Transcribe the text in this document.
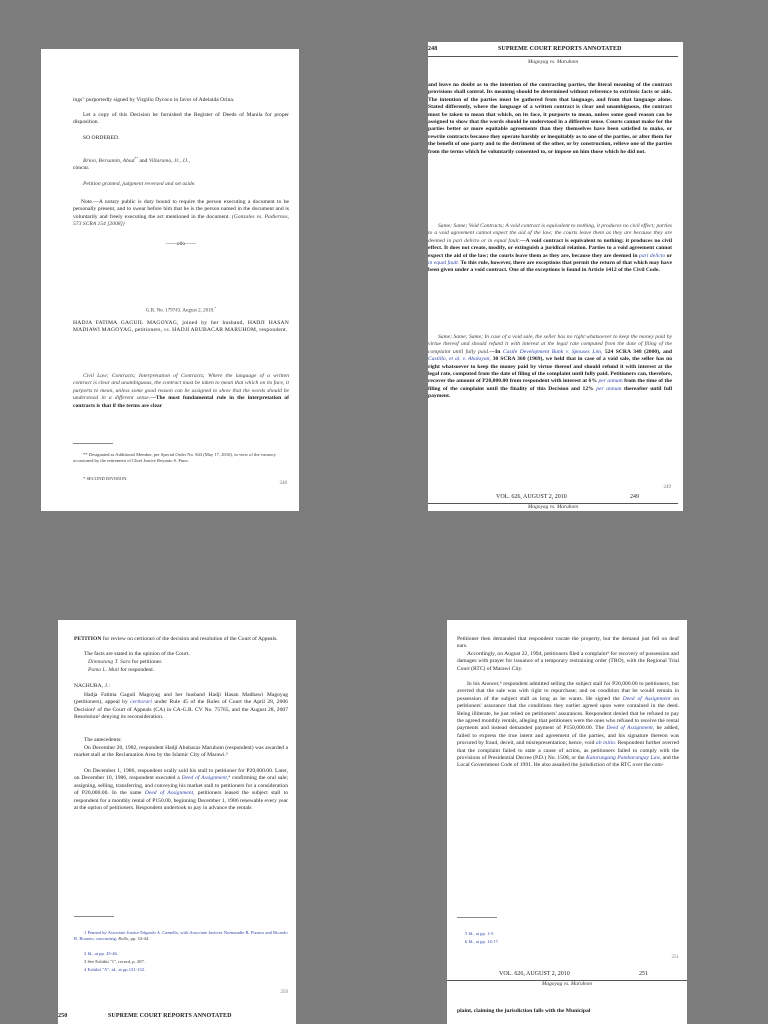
ings" purportedly signed by Virgilio Dycoco in favor of Adelaida Orina.

Let a copy of this Decision be furnished the Register of Deeds of Manila for proper disposition.

SO ORDERED.

Brion, Bersamin, Abad** and Villarama, Jr., JJ.,
concur.

Petition granted, judgment reversed and set aside.

Note.—A notary public is duty bound to require the person executing a document to be personally present, and to swear before him that he is the person named in the document and is voluntarily and freely executing the act mentioned in the document. (Gonzales vs. Padiernos, 573 SCRA 154 [2008])

——o0o——

G.R. No. 179743. August 2, 2010.*

HADJA FATIMA GAGUIL MAGOYAG, joined by her husband, HADJI HASAN MADIAWI MAGOYAG, petitioners, vs. HADJI ABUBACAR MARUHOM, respondent.

Civil Law; Contracts; Interpretation of Contracts; Where the language of a written contract is clear and unambiguous, the contract must be taken to mean that which on its face, it purports to mean, unless some good reason can be assigned to show that the words should be understood in a different sense.—The most fundamental rule in the interpretation of contracts is that if the terms are clear

** Designated as Additional Member, per Special Order No. 843 (May 17, 2010), in view of the vacancy occasioned by the retirement of Chief Justice Reynato S. Puno.

* SECOND DIVISION.

248
248	SUPREME COURT REPORTS ANNOTATED

Magoyag vs. Maruhom

and leave no doubt as to the intention of the contracting parties, the literal meaning of the contract provisions shall control. Its meaning should be determined without reference to extrinsic facts or aids. The intention of the parties must be gathered from that language, and from that language alone. Stated differently, where the language of a written contract is clear and unambiguous, the contract must be taken to mean that which, on its face, it purports to mean, unless some good reason can be assigned to show that the words should be understood in a different sense. Courts cannot make for the parties better or more equitable agreements than they themselves have been satisfied to make, or rewrite contracts because they operate harshly or inequitably as to one of the parties, or alter them for the benefit of one party and to the detriment of the other, or by construction, relieve one of the parties from the terms which he voluntarily consented to, or impose on him those which he did not.

Same; Same; Void Contracts; A void contract is equivalent to nothing, it produces no civil effect; parties to a void agreement cannot expect the aid of the law; the courts leave them as they are because they are deemed in pari delicto or in equal fault.—A void contract is equivalent to nothing; it produces no civil effect. It does not create, modify, or extinguish a juridical relation. Parties to a void agreement cannot expect the aid of the law; the courts leave them as they are, because they are deemed in pari delicto or in equal fault. To this rule, however, there are exceptions that permit the return of that which may have been given under a void contract. One of the exceptions is found in Article 1412 of the Civil Code.

Same; Same; Same; In case of a void sale, the seller has no right whatsoever to keep the money paid by virtue thereof and should refund it with interest at the legal rate computed from the date of filing of the complaint until fully paid.—In Castle Development Bank v. Spouses Lim, 524 SCRA 348 (2000), and Castillo, et al. v. Abalayan, 30 SCRA 360 (1969), we held that in case of a void sale, the seller has no right whatsoever to keep the money paid by virtue thereof and should refund it with interest at the legal rate, computed from the date of filing of the complaint until fully paid. Petitioners can, therefore, recover the amount of P20,000.00 from respondent with interest at 6% per annum from the time of the filing of the complaint until the finality of this Decision and 12% per annum thereafter until full payment.

249
VOL. 626, AUGUST 2, 2010	249

Magoyag vs. Maruhom

PETITION for review on certiorari of the decision and resolution of the Court of Appeals.

The facts are stated in the opinion of the Court.

Dimnatang T. Saro for petitioner.

Pama L. Muti for respondent.

NACHURA, J.:

Hadja Fatima Gaguil Magoyag and her husband Hadji Hasan Madhawi Magoyag (petitioners), appeal by certiorari under Rule 45 of the Rules of Court the April 28, 2006 Decision¹ of the Court of Appeals (CA) in CA-G.R. CV No. 75765, and the August 28, 2007 Resolution² denying its reconsideration.

The antecedents:

On December 20, 1982, respondent Hadji Abubacar Maruhom (respondent) was awarded a market stall at the Reclamation Area by the Islamic City of Marawi.³

On December 1, 1986, respondent orally sold his stall to petitioner for P20,000.00. Later, on December 10, 1986, respondent executed a Deed of Assignment,⁴ confirming the oral sale; assigning, selling, transferring, and conveying his market stall to petitioners for a consideration of P20,000.00. In the same Deed of Assignment, petitioners leased the subject stall to respondent for a monthly rental of P150.00, beginning December 1, 1986 renewable every year at the option of petitioners. Respondent undertook to pay in advance the rentals

1 Penned by Associate Justice Edgardo A. Camello, with Associate Justices Normandie B. Pizarro and Ricardo R. Rosario, concurring; Rollo, pp. 33-44.

2 Id., at pp. 45-46.

3 See Exhibit "1", record, p. 207.

4 Exhibit "A", id., at pp.131-132.

250
250	SUPREME COURT REPORTS ANNOTATED

Petitioner then demanded that respondent vacate the property, but the demand just fell on deaf ears.

Accordingly, on August 22, 1994, petitioners filed a complaint⁵ for recovery of possession and damages with prayer for issuance of a temporary restraining order (TRO), with the Regional Trial Court (RTC) of Marawi City.

In his Answer,⁶ respondent admitted selling the subject stall for P20,000.00 to petitioners, but averred that the sale was with right to repurchase; and on condition that he would remain in possession of the subject stall as long as he wants. He signed the Deed of Assignment on petitioners' assurance that the conditions they earlier agreed upon were contained in the deed. Being illiterate, he just relied on petitioners' assurances. Respondent denied that he refused to pay the agreed monthly rentals, alleging that petitioners were the ones who refused to receive the rental payments and instead demanded payment of P150,000.00. The Deed of Assignment, he added, failed to express the true intent and agreement of the parties, and his signature thereon was procured by fraud, deceit, and misrepresentation; hence, void ab initio. Respondent further averred that the complaint failed to state a cause of action, as petitioners failed to comply with the provisions of Presidential Decree (P.D.) No. 1508, or the Katarungang Pambarangay Law, and the Local Government Code of 1991. He also assailed the jurisdiction of the RTC over the com-

5 Id., at pp. 1-5.

6 Id., at pp. 14-17.

251
VOL. 626, AUGUST 2, 2010	251

Magoyag vs. Maruhom

plaint, claiming the jurisdiction falls with the Municipal
